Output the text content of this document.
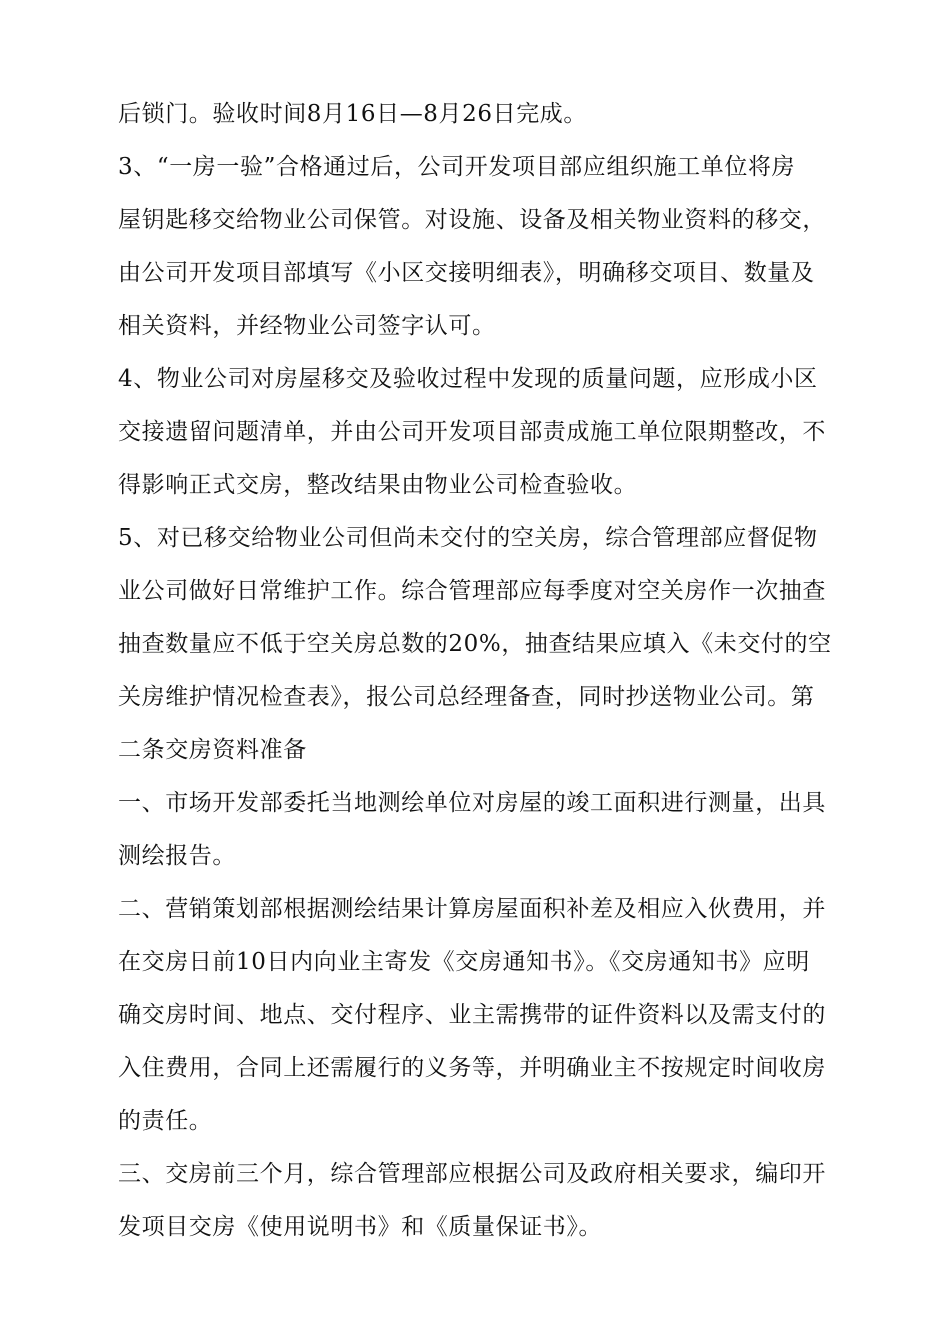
后锁门。验收时间8月16日—8月26日完成。
3、“一房一验”合格通过后，公司开发项目部应组织施工单位将房
屋钥匙移交给物业公司保管。对设施、设备及相关物业资料的移交，
由公司开发项目部填写《小区交接明细表》，明确移交项目、数量及
相关资料，并经物业公司签字认可。
4、物业公司对房屋移交及验收过程中发现的质量问题，应形成小区
交接遗留问题清单，并由公司开发项目部责成施工单位限期整改，不
得影响正式交房，整改结果由物业公司检查验收。
5、对已移交给物业公司但尚未交付的空关房，综合管理部应督促物
业公司做好日常维护工作。综合管理部应每季度对空关房作一次抽查
抽查数量应不低于空关房总数的20%，抽查结果应填入《未交付的空
关房维护情况检查表》，报公司总经理备查，同时抄送物业公司。第
二条交房资料准备
一、市场开发部委托当地测绘单位对房屋的竣工面积进行测量，出具
测绘报告。
二、营销策划部根据测绘结果计算房屋面积补差及相应入伙费用，并
在交房日前10日内向业主寄发《交房通知书》。《交房通知书》应明
确交房时间、地点、交付程序、业主需携带的证件资料以及需支付的
入住费用，合同上还需履行的义务等，并明确业主不按规定时间收房
的责任。
三、交房前三个月，综合管理部应根据公司及政府相关要求，编印开
发项目交房《使用说明书》和《质量保证书》。
